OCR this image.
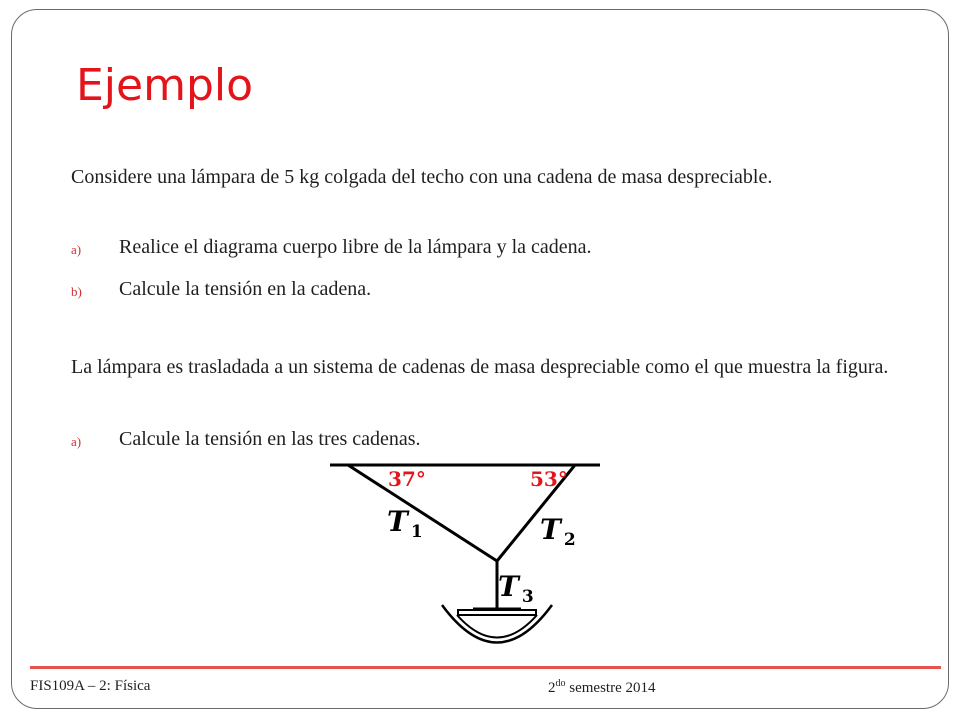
Ejemplo
Considere una lámpara de 5 kg colgada del techo con una cadena de masa despreciable.
a) Realice el diagrama cuerpo libre de la lámpara y la cadena.
b) Calcule la tensión en la cadena.
La lámpara es trasladada a un sistema de cadenas de masa despreciable como el que muestra la figura.
a) Calcule la tensión en las tres cadenas.
37°	53°
T $_1$	T $_2$
T $_3$
FIS109A – 2: Física	$2^{do}$ semestre 2014
